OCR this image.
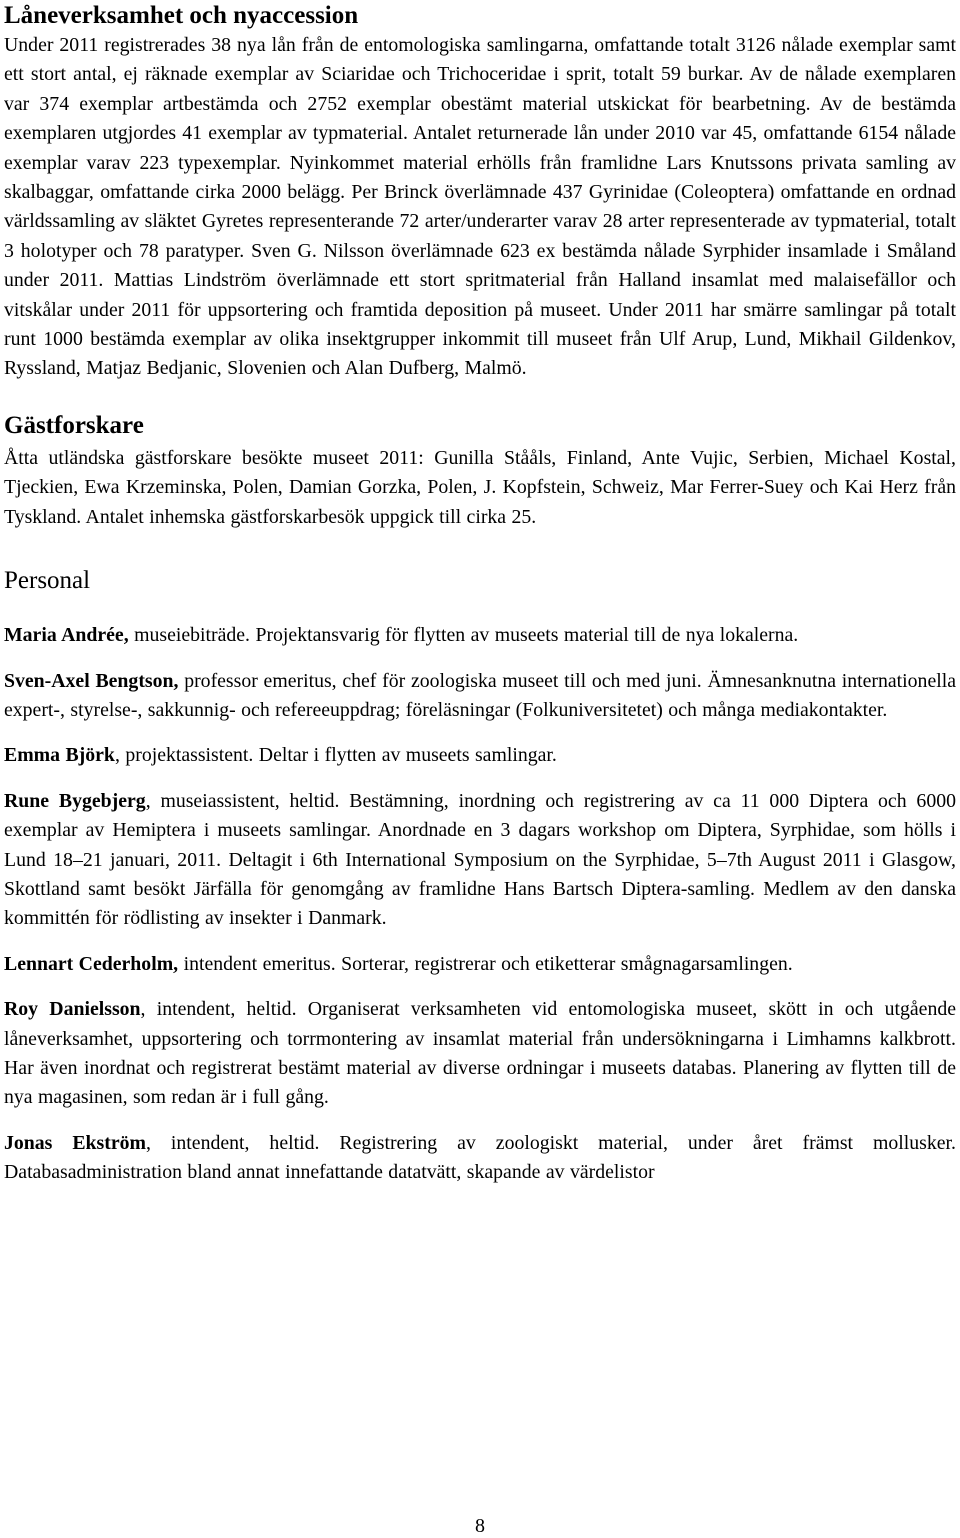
Låneverksamhet och nyaccession

Under 2011 registrerades 38 nya lån från de entomologiska samlingarna, omfattande totalt 3126 nålade exemplar samt ett stort antal, ej räknade exemplar av Sciaridae och Trichoceridae i sprit, totalt 59 burkar. Av de nålade exemplaren var 374 exemplar artbestämda och 2752 exemplar obestämt material utskickat för bearbetning. Av de bestämda exemplaren utgjordes 41 exemplar av typmaterial. Antalet returnerade lån under 2010 var 45, omfattande 6154 nålade exemplar varav 223 typexemplar. Nyinkommet material erhölls från framlidne Lars Knutssons privata samling av skalbaggar, omfattande cirka 2000 belägg. Per Brinck överlämnade 437 Gyrinidae (Coleoptera) omfattande en ordnad världssamling av släktet Gyretes representerande 72 arter/underarter varav 28 arter representerade av typmaterial, totalt 3 holotyper och 78 paratyper. Sven G. Nilsson överlämnade 623 ex bestämda nålade Syrphider insamlade i Småland under 2011. Mattias Lindström överlämnade ett stort spritmaterial från Halland insamlat med malaisefällor och vitskålar under 2011 för uppsortering och framtida deposition på museet. Under 2011 har smärre samlingar på totalt runt 1000 bestämda exemplar av olika insektgrupper inkommit till museet från Ulf Arup, Lund, Mikhail Gildenkov, Ryssland, Matjaz Bedjanic, Slovenien och Alan Dufberg, Malmö.

Gästforskare

Åtta utländska gästforskare besökte museet 2011: Gunilla Stååls, Finland, Ante Vujic, Serbien, Michael Kostal, Tjeckien, Ewa Krzeminska, Polen, Damian Gorzka, Polen, J. Kopfstein, Schweiz, Mar Ferrer-Suey och Kai Herz från Tyskland. Antalet inhemska gästforskarbesök uppgick till cirka 25.

Personal

Maria Andrée, museiebiträde. Projektansvarig för flytten av museets material till de nya lokalerna.

Sven-Axel Bengtson, professor emeritus, chef för zoologiska museet till och med juni. Ämnesanknutna internationella expert-, styrelse-, sakkunnig- och refereeuppdrag; föreläsningar (Folkuniversitetet) och många mediakontakter.

Emma Björk, projektassistent. Deltar i flytten av museets samlingar.

Rune Bygebjerg, museiassistent, heltid. Bestämning, inordning och registrering av ca 11 000 Diptera och 6000 exemplar av Hemiptera i museets samlingar. Anordnade en 3 dagars workshop om Diptera, Syrphidae, som hölls i Lund 18–21 januari, 2011. Deltagit i 6th International Symposium on the Syrphidae, 5–7th August 2011 i Glasgow, Skottland samt besökt Järfälla för genomgång av framlidne Hans Bartsch Diptera-samling. Medlem av den danska kommittén för rödlisting av insekter i Danmark.

Lennart Cederholm, intendent emeritus. Sorterar, registrerar och etiketterar smågnagarsamlingen.

Roy Danielsson, intendent, heltid. Organiserat verksamheten vid entomologiska museet, skött in och utgående låneverksamhet, uppsortering och torrmontering av insamlat material från undersökningarna i Limhamns kalkbrott. Har även inordnat och registrerat bestämt material av diverse ordningar i museets databas. Planering av flytten till de nya magasinen, som redan är i full gång.

Jonas Ekström, intendent, heltid. Registrering av zoologiskt material, under året främst mollusker. Databasadministration bland annat innefattande datatvätt, skapande av värdelistor

8
